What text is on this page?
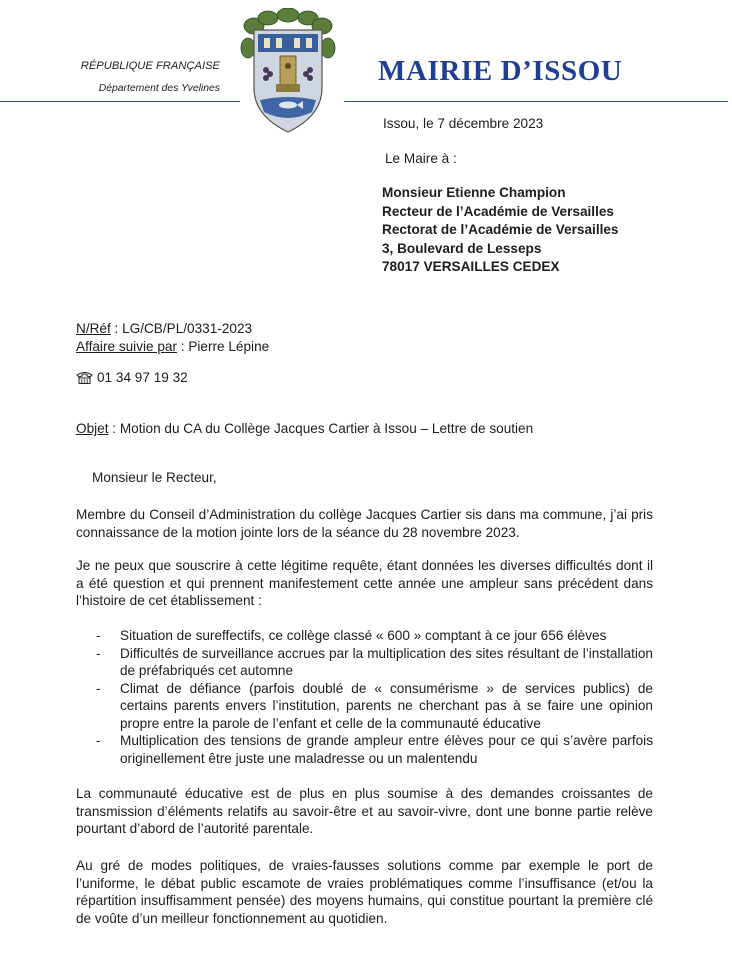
RÉPUBLIQUE FRANÇAISE
Département des Yvelines
MAIRIE D’ISSOU
Issou, le 7 décembre 2023
Le Maire à :
Monsieur Etienne Champion
Recteur de l’Académie de Versailles
Rectorat de l’Académie de Versailles
3, Boulevard de Lesseps
78017 VERSAILLES CEDEX
N/Réf : LG/CB/PL/0331-2023
Affaire suivie par : Pierre Lépine
01 34 97 19 32
Objet : Motion du CA du Collège Jacques Cartier à Issou – Lettre de soutien
Monsieur le Recteur,
Membre du Conseil d’Administration du collège Jacques Cartier sis dans ma commune, j’ai pris connaissance de la motion jointe lors de la séance du 28 novembre 2023.
Je ne peux que souscrire à cette légitime requête, étant données les diverses difficultés dont il a été question et qui prennent manifestement cette année une ampleur sans précédent dans l’histoire de cet établissement :
- Situation de sureffectifs, ce collège classé « 600 » comptant à ce jour 656 élèves
- Difficultés de surveillance accrues par la multiplication des sites résultant de l’installation de préfabriqués cet automne
- Climat de défiance (parfois doublé de « consumérisme » de services publics) de certains parents envers l’institution, parents ne cherchant pas à se faire une opinion propre entre la parole de l’enfant et celle de la communauté éducative
- Multiplication des tensions de grande ampleur entre élèves pour ce qui s’avère parfois originellement être juste une maladresse ou un malentendu
La communauté éducative est de plus en plus soumise à des demandes croissantes de transmission d’éléments relatifs au savoir-être et au savoir-vivre, dont une bonne partie relève pourtant d’abord de l’autorité parentale.
Au gré de modes politiques, de vraies-fausses solutions comme par exemple le port de l’uniforme, le débat public escamote de vraies problématiques comme l’insuffisance (et/ou la répartition insuffisamment pensée) des moyens humains, qui constitue pourtant la première clé de voûte d’un meilleur fonctionnement au quotidien.
